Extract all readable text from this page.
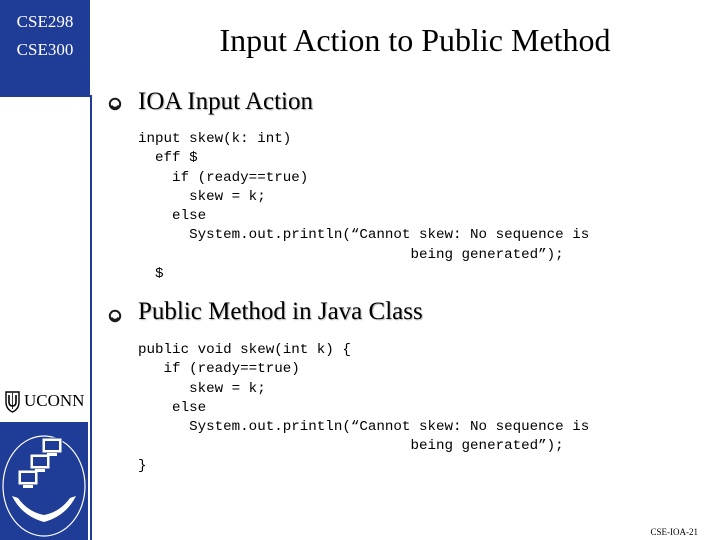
CSE298
CSE300	Input Action to Public Method
IOA Input Action
input skew(k: int)
eff $
if (ready==true)
skew = k;
else
System.out.println(“Cannot skew: No sequence is
being generated”);
$
Public Method in Java Class
public void skew(int k) {
if (ready==true)
skew = k;
else
System.out.println(“Cannot skew: No sequence is
being generated”);
}
UCONN
CSE-IOA-21
